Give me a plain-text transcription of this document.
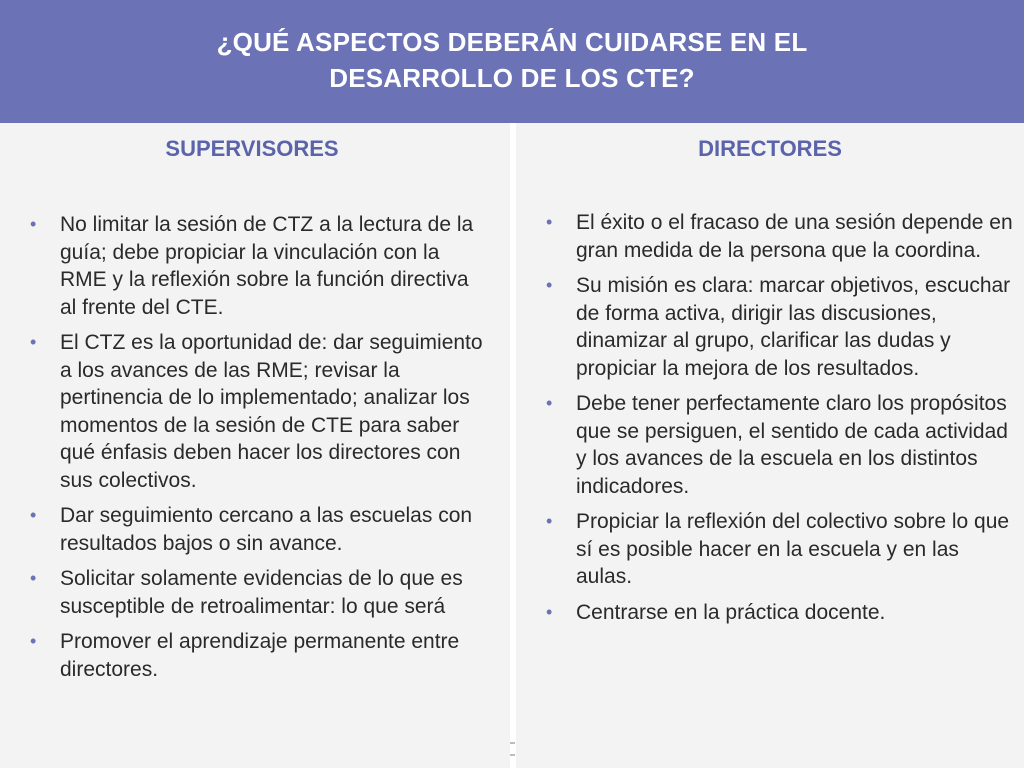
¿QUÉ ASPECTOS DEBERÁN CUIDARSE EN EL
DESARROLLO DE LOS CTE?
SUPERVISORES
• No limitar la sesión de CTZ a la lectura de la guía; debe propiciar la vinculación con la RME y la reflexión sobre la función directiva al frente del CTE.
• El CTZ es la oportunidad de: dar seguimiento a los avances de las RME; revisar la pertinencia de lo implementado; analizar los momentos de la sesión de CTE para saber qué énfasis deben hacer los directores con sus colectivos.
• Dar seguimiento cercano a las escuelas con resultados bajos o sin avance.
• Solicitar solamente evidencias de lo que es susceptible de retroalimentar: lo que será
• Promover el aprendizaje permanente entre directores.
DIRECTORES
• El éxito o el fracaso de una sesión depende en gran medida de la persona que la coordina.
• Su misión es clara: marcar objetivos, escuchar de forma activa, dirigir las discusiones, dinamizar al grupo, clarificar las dudas y propiciar la mejora de los resultados.
• Debe tener perfectamente claro los propósitos que se persiguen, el sentido de cada actividad y los avances de la escuela en los distintos indicadores.
• Propiciar la reflexión del colectivo sobre lo que sí es posible hacer en la escuela y en las aulas.
• Centrarse en la práctica docente.
